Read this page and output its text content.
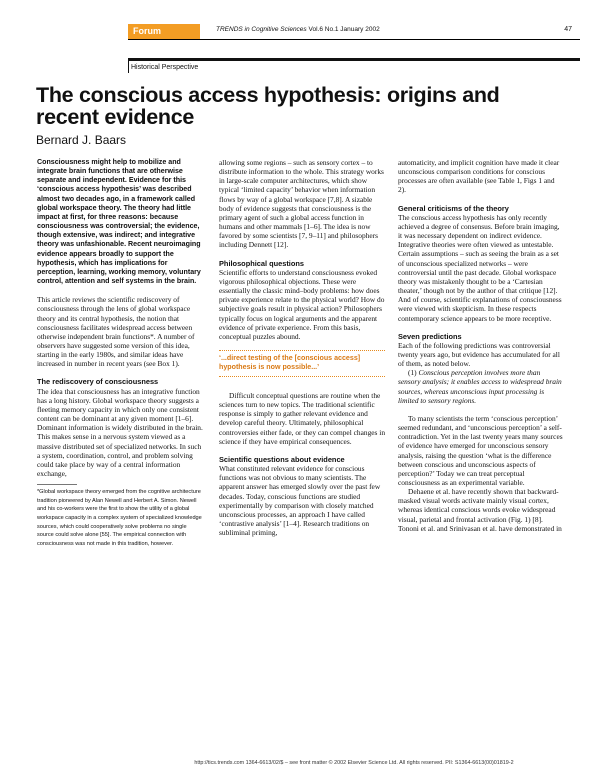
Forum	TRENDS in Cognitive Sciences Vol.6 No.1 January 2002	47
Historical Perspective
The conscious access hypothesis: origins and recent evidence
Bernard J. Baars

Consciousness might help to mobilize and integrate brain functions that are otherwise separate and independent. Evidence for this ‘conscious access hypothesis’ was described almost two decades ago, in a framework called global workspace theory. The theory had little impact at first, for three reasons: because consciousness was controversial; the evidence, though extensive, was indirect; and integrative theory was unfashionable. Recent neuroimaging evidence appears broadly to support the hypothesis, which has implications for perception, learning, working memory, voluntary control, attention and self systems in the brain.

This article reviews the scientific rediscovery of consciousness through the lens of global workspace theory and its central hypothesis, the notion that consciousness facilitates widespread access between otherwise independent brain functions*. A number of observers have suggested some version of this idea, starting in the early 1980s, and similar ideas have increased in number in recent years (see Box 1).

The rediscovery of consciousness

The idea that consciousness has an integrative function has a long history. Global workspace theory suggests a fleeting memory capacity in which only one consistent content can be dominant at any given moment [1–6]. Dominant information is widely distributed in the brain. This makes sense in a nervous system viewed as a massive distributed set of specialized networks. In such a system, coordination, control, and problem solving could take place by way of a central information exchange,

*Global workspace theory emerged from the cognitive architecture tradition pioneered by Alan Newell and Herbert A. Simon. Newell and his co-workers were the first to show the utility of a global workspace capacity in a complex system of specialized knowledge sources, which could cooperatively solve problems no single source could solve alone [55]. The empirical connection with consciousness was not made in this tradition, however.

allowing some regions – such as sensory cortex – to distribute information to the whole. This strategy works in large-scale computer architectures, which show typical ‘limited capacity’ behavior when information flows by way of a global workspace [7,8]. A sizable body of evidence suggests that consciousness is the primary agent of such a global access function in humans and other mammals [1–6]. The idea is now favored by some scientists [7, 9–11] and philosophers including Dennett [12].

Philosophical questions

Scientific efforts to understand consciousness evoked vigorous philosophical objections. These were essentially the classic mind–body problems: how does private experience relate to the physical world? How do subjective goals result in physical action? Philosophers typically focus on logical arguments and the apparent evidence of private experience. From this basis, conceptual puzzles abound.

‘...direct testing of the [conscious access] hypothesis is now possible...’

Difficult conceptual questions are routine when the sciences turn to new topics. The traditional scientific response is simply to gather relevant evidence and develop careful theory. Ultimately, philosophical controversies either fade, or they can compel changes in science if they have empirical consequences.

Scientific questions about evidence

What constituted relevant evidence for conscious functions was not obvious to many scientists. The apparent answer has emerged slowly over the past few decades. Today, conscious functions are studied experimentally by comparison with closely matched unconscious processes, an approach I have called ‘contrastive analysis’ [1–4]. Research traditions on subliminal priming,

automaticity, and implicit cognition have made it clear unconscious comparison conditions for conscious processes are often available (see Table 1, Figs 1 and 2).

General criticisms of the theory

The conscious access hypothesis has only recently achieved a degree of consensus. Before brain imaging, it was necessary dependent on indirect evidence. Integrative theories were often viewed as untestable. Certain assumptions – such as seeing the brain as a set of unconscious specialized networks – were controversial until the past decade. Global workspace theory was mistakenly thought to be a ‘Cartesian theater,’ though not by the author of that critique [12]. And of course, scientific explanations of consciousness were viewed with skepticism. In these respects contemporary science appears to be more receptive.

Seven predictions

Each of the following predictions was controversial twenty years ago, but evidence has accumulated for all of them, as noted below.

(1) Conscious perception involves more than sensory analysis; it enables access to widespread brain sources, whereas unconscious input processing is limited to sensory regions.

To many scientists the term ‘conscious perception’ seemed redundant, and ‘unconscious perception’ a self-contradiction. Yet in the last twenty years many sources of evidence have emerged for unconscious sensory analysis, raising the question ‘what is the difference between conscious and unconscious aspects of perception?’ Today we can treat perceptual consciousness as an experimental variable.

Dehaene et al. have recently shown that backward-masked visual words activate mainly visual cortex, whereas identical conscious words evoke widespread visual, parietal and frontal activation (Fig. 1) [8]. Tononi et al. and Srinivasan et al. have demonstrated in

http://tics.trends.com 1364-6613/02/$ – see front matter © 2002 Elsevier Science Ltd. All rights reserved. PII: S1364-6613(00)01819-2
